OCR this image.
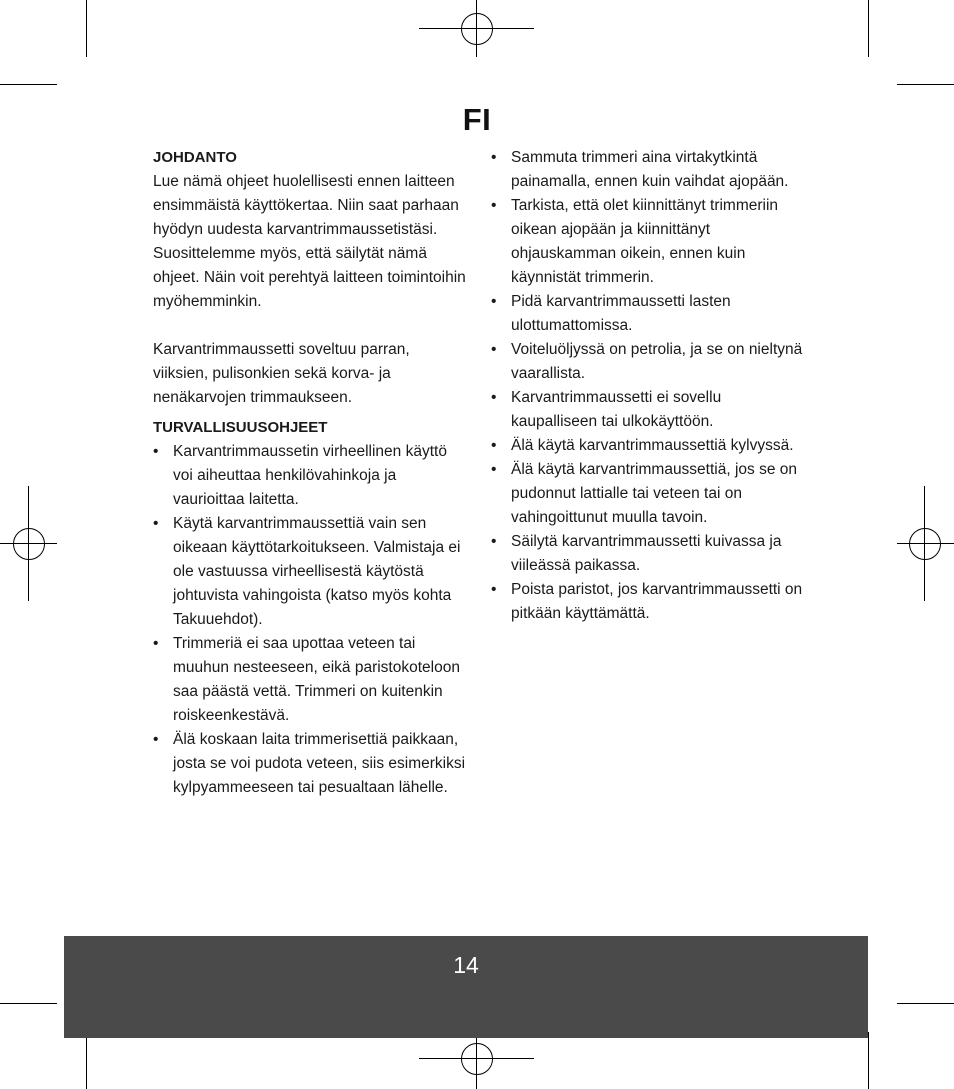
FI
JOHDANTO

Lue nämä ohjeet huolellisesti ennen laitteen ensimmäistä käyttökertaa. Niin saat parhaan hyödyn uudesta karvantrimmaussetistäsi. Suosittelemme myös, että säilytät nämä ohjeet. Näin voit perehtyä laitteen toimintoihin myöhemminkin.

Karvantrimmaussetti soveltuu parran, viiksien, pulisonkien sekä korva- ja nenäkarvojen trimmaukseen.

TURVALLISUUSOHJEET
• Karvantrimmaussetin virheellinen käyttö voi aiheuttaa henkilövahinkoja ja vaurioittaa laitetta.
• Käytä karvantrimmaussettiä vain sen oikeaan käyttötarkoitukseen. Valmistaja ei ole vastuussa virheellisestä käytöstä johtuvista vahingoista (katso myös kohta Takuuehdot).
• Trimmeriä ei saa upottaa veteen tai muuhun nesteeseen, eikä paristokoteloon saa päästä vettä. Trimmeri on kuitenkin roiskeenkestävä.
• Älä koskaan laita trimmerisettiä paikkaan, josta se voi pudota veteen, siis esimerkiksi kylpyammeeseen tai pesualtaan lähelle.
• Sammuta trimmeri aina virtakytkintä painamalla, ennen kuin vaihdat ajopään.
• Tarkista, että olet kiinnittänyt trimmeriin oikean ajopään ja kiinnittänyt ohjauskamman oikein, ennen kuin käynnistät trimmerin.
• Pidä karvantrimmaussetti lasten ulottumattomissa.
• Voiteluöljyssä on petrolia, ja se on nieltynä vaarallista.
• Karvantrimmaussetti ei sovellu kaupalliseen tai ulkokäyttöön.
• Älä käytä karvantrimmaussettiä kylvyssä.
• Älä käytä karvantrimmaussettiä, jos se on pudonnut lattialle tai veteen tai on vahingoittunut muulla tavoin.
• Säilytä karvantrimmaussetti kuivassa ja viileässä paikassa.
• Poista paristot, jos karvantrimmaussetti on pitkään käyttämättä.
14
